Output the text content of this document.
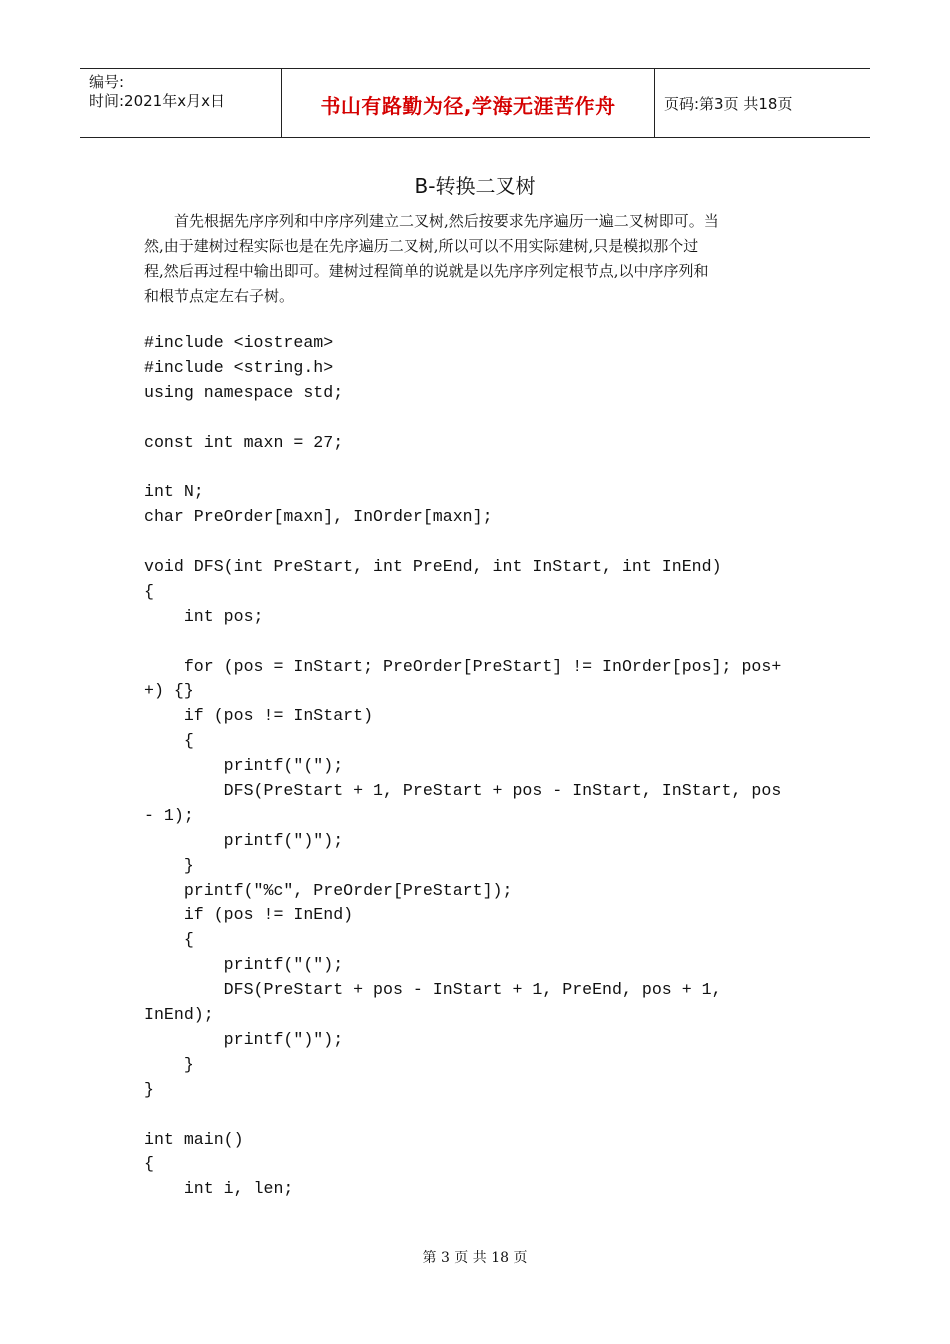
编号:
时间:2021年x月x日	书山有路勤为径,学海无涯苦作舟	页码:第3页 共18页
B-转换二叉树
首先根据先序序列和中序序列建立二叉树,然后按要求先序遍历一遍二叉树即可。当
然,由于建树过程实际也是在先序遍历二叉树,所以可以不用实际建树,只是模拟那个过
程,然后再过程中输出即可。建树过程简单的说就是以先序序列定根节点,以中序序列和
和根节点定左右子树。
#include <iostream>
#include <string.h>
using namespace std;
const int maxn = 27;
int N;
char PreOrder[maxn], InOrder[maxn];
void DFS(int PreStart, int PreEnd, int InStart, int InEnd)
{
int pos;
for (pos = InStart; PreOrder[PreStart] != InOrder[pos]; pos+
+) {}
if (pos != InStart)
{
printf("(");
DFS(PreStart + 1, PreStart + pos - InStart, InStart, pos
- 1);
printf(")");
}
printf("%c", PreOrder[PreStart]);
if (pos != InEnd)
{
printf("(");
DFS(PreStart + pos - InStart + 1, PreEnd, pos + 1,
InEnd);
printf(")");
}
}
int main()
{
int i, len;
第 3 页 共 18 页
